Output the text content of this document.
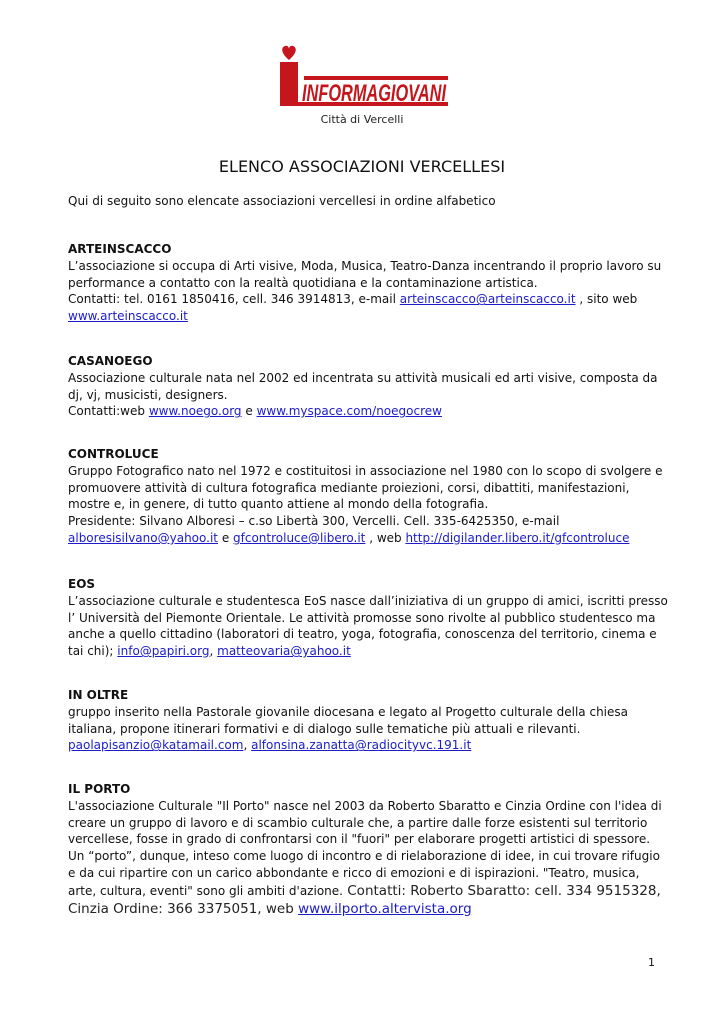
INFORMAGIOVANI
Città di Vercelli
ELENCO ASSOCIAZIONI VERCELLESI
Qui di seguito sono elencate associazioni vercellesi in ordine alfabetico
ARTEINSCACCO

L’associazione si occupa di Arti visive, Moda, Musica, Teatro-Danza incentrando il proprio lavoro su performance a contatto con la realtà quotidiana e la contaminazione artistica.

Contatti: tel. 0161 1850416, cell. 346 3914813, e-mail arteinscacco@arteinscacco.it , sito web
www.arteinscacco.it

CASANOEGO

Associazione culturale nata nel 2002 ed incentrata su attività musicali ed arti visive, composta da dj, vj, musicisti, designers.

Contatti:web www.noego.org e www.myspace.com/noegocrew

CONTROLUCE

Gruppo Fotografico nato nel 1972 e costituitosi in associazione nel 1980 con lo scopo di svolgere e promuovere attività di cultura fotografica mediante proiezioni, corsi, dibattiti, manifestazioni, mostre e, in genere, di tutto quanto attiene al mondo della fotografia.

Presidente: Silvano Alboresi – c.so Libertà 300, Vercelli. Cell. 335-6425350, e-mail

alboresisilvano@yahoo.it e gfcontroluce@libero.it , web http://digilander.libero.it/gfcontroluce

EOS

L’associazione culturale e studentesca EoS nasce dall’iniziativa di un gruppo di amici, iscritti presso l’ Università del Piemonte Orientale. Le attività promosse sono rivolte al pubblico studentesco ma anche a quello cittadino (laboratori di teatro, yoga, fotografia, conoscenza del territorio, cinema e tai chi); info@papiri.org, matteovaria@yahoo.it

IN OLTRE

gruppo inserito nella Pastorale giovanile diocesana e legato al Progetto culturale della chiesa italiana, propone itinerari formativi e di dialogo sulle tematiche più attuali e rilevanti.

paolapisanzio@katamail.com, alfonsina.zanatta@radiocityvc.191.it

IL PORTO

L'associazione Culturale "Il Porto" nasce nel 2003 da Roberto Sbaratto e Cinzia Ordine con l'idea di creare un gruppo di lavoro e di scambio culturale che, a partire dalle forze esistenti sul territorio vercellese, fosse in grado di confrontarsi con il "fuori" per elaborare progetti artistici di spessore. Un “porto”, dunque, inteso come luogo di incontro e di rielaborazione di idee, in cui trovare rifugio e da cui ripartire con un carico abbondante e ricco di emozioni e di ispirazioni. "Teatro, musica, arte, cultura, eventi" sono gli ambiti d'azione. Contatti: Roberto Sbaratto: cell. 334 9515328, Cinzia Ordine: 366 3375051, web www.ilporto.altervista.org

1
